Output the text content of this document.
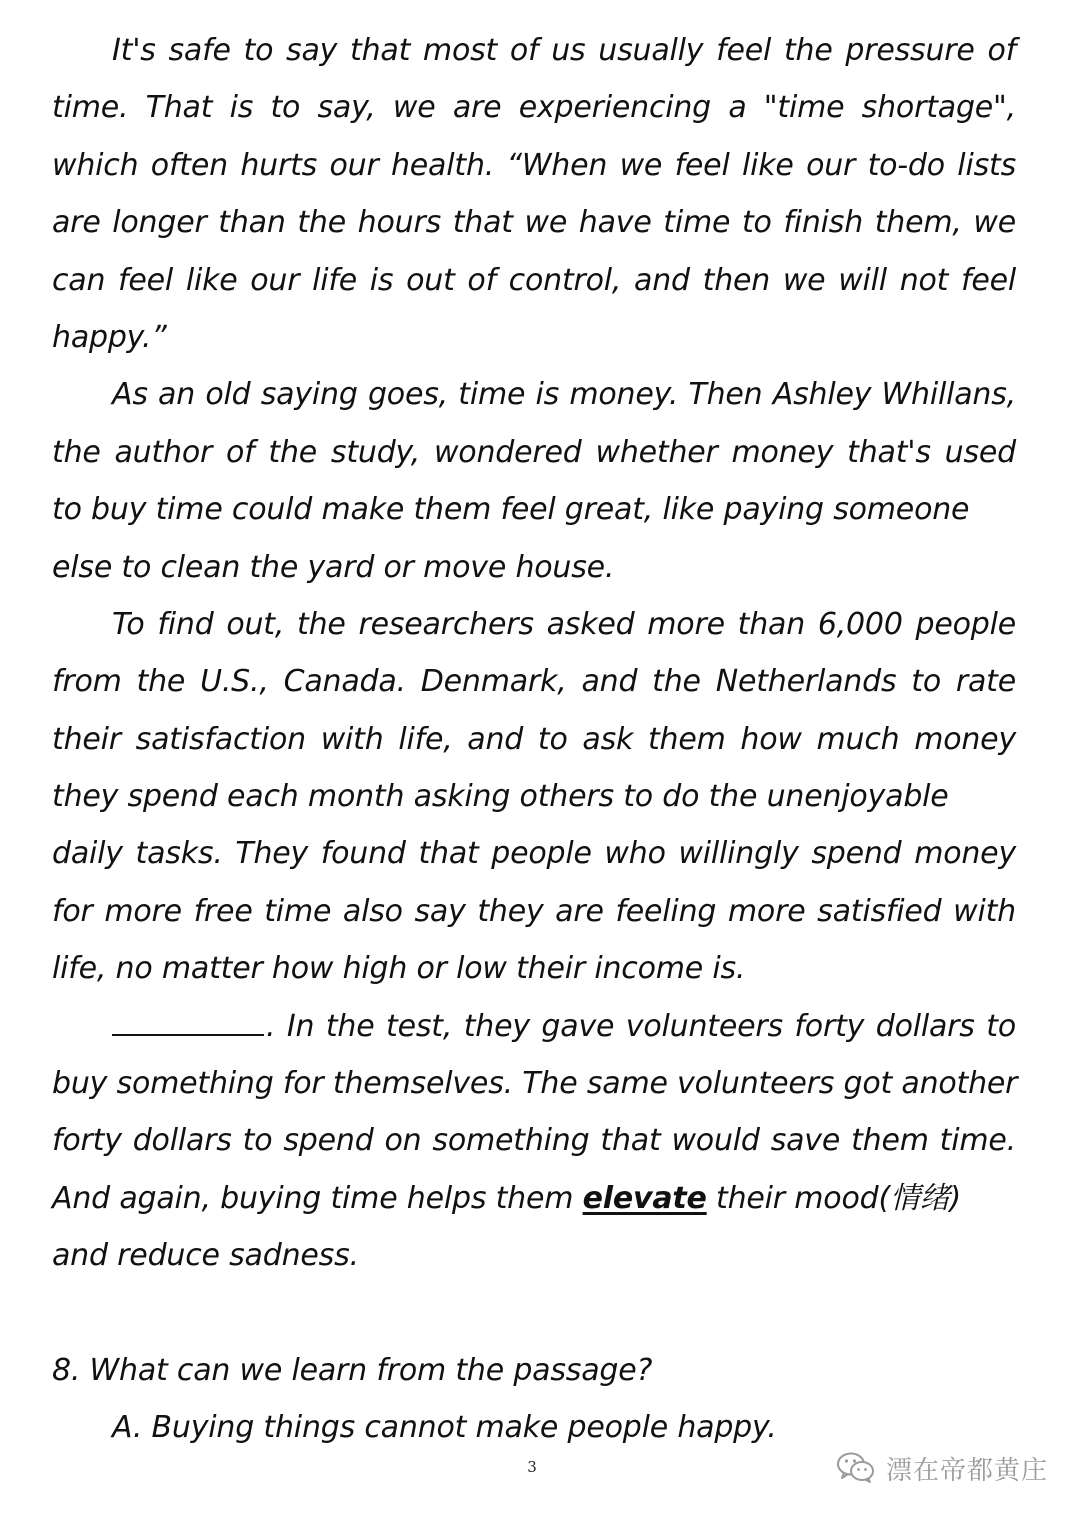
It's safe to say that most of us usually feel the pressure of
time. That is to say, we are experiencing a "time shortage",
which often hurts our health. “When we feel like our to-do lists
are longer than the hours that we have time to finish them, we
can feel like our life is out of control, and then we will not feel
happy.”
As an old saying goes, time is money. Then Ashley Whillans,
the author of the study, wondered whether money that's used
to buy time could make them feel great, like paying someone
else to clean the yard or move house.
To find out, the researchers asked more than 6,000 people
from the U.S., Canada. Denmark, and the Netherlands to rate
their satisfaction with life, and to ask them how much money
they spend each month asking others to do the unenjoyable
daily tasks. They found that people who willingly spend money
for more free time also say they are feeling more satisfied with
life, no matter how high or low their income is.
. In the test, they gave volunteers forty dollars to
buy something for themselves. The same volunteers got another
forty dollars to spend on something that would save them time.
And again, buying time helps them elevate their mood(情绪)
and reduce sadness.
8. What can we learn from the passage?
A. Buying things cannot make people happy.
3	漂在帝都黄庄
